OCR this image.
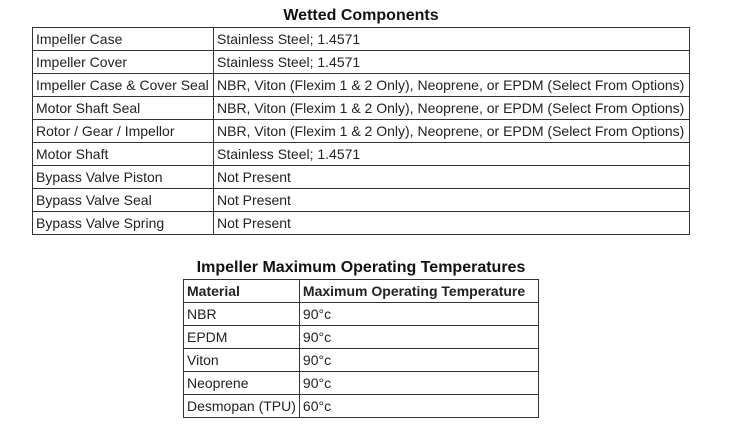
Wetted Components
Impeller Case	Stainless Steel; 1.4571
Impeller Cover	Stainless Steel; 1.4571
Impeller Case & Cover Seal	NBR, Viton (Flexim 1 & 2 Only), Neoprene, or EPDM (Select From Options)
Motor Shaft Seal	NBR, Viton (Flexim 1 & 2 Only), Neoprene, or EPDM (Select From Options)
Rotor / Gear / Impellor	NBR, Viton (Flexim 1 & 2 Only), Neoprene, or EPDM (Select From Options)
Motor Shaft	Stainless Steel; 1.4571
Bypass Valve Piston	Not Present
Bypass Valve Seal	Not Present
Bypass Valve Spring	Not Present
Impeller Maximum Operating Temperatures
Material	Maximum Operating Temperature
NBR	90°c
EPDM	90°c
Viton	90°c
Neoprene	90°c
Desmopan (TPU)	60°c
